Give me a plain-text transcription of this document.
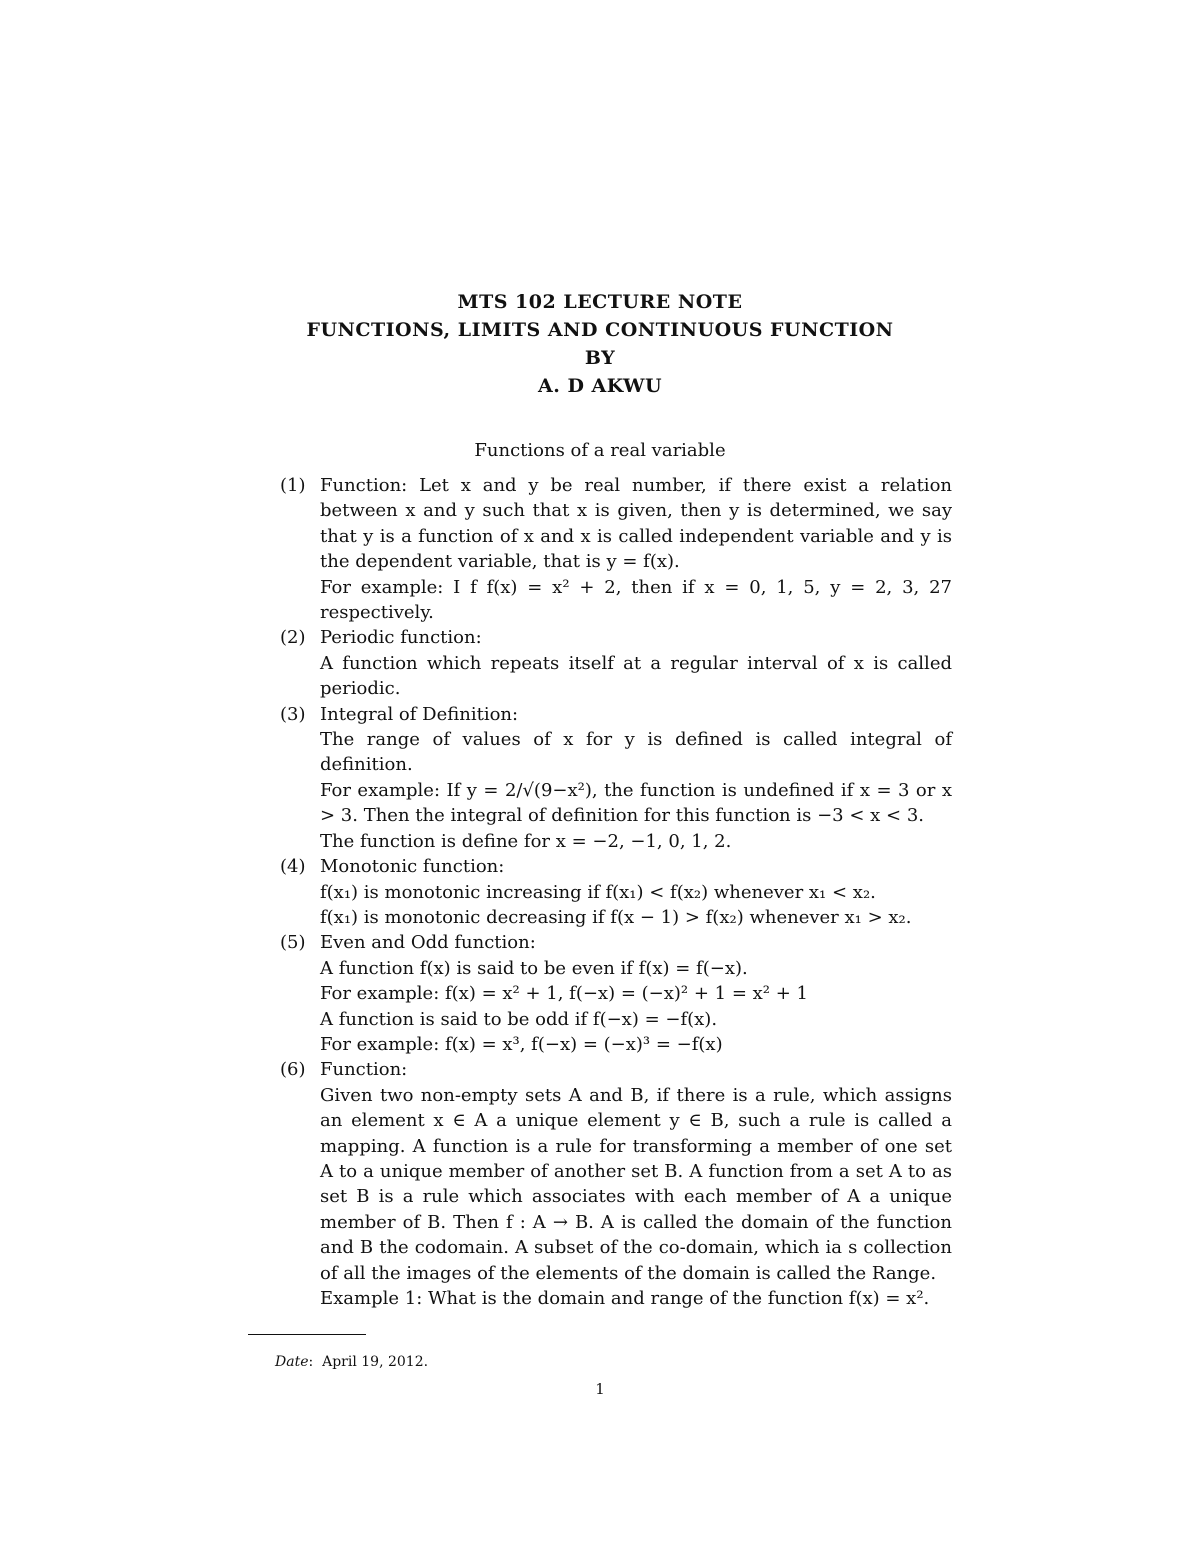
MTS 102 LECTURE NOTE
FUNCTIONS, LIMITS AND CONTINUOUS FUNCTION
BY
A. D AKWU
Functions of a real variable
(1) Function: Let x and y be real number, if there exist a relation between x and y such that x is given, then y is determined, we say that y is a function of x and x is called independent variable and y is the dependent variable, that is y = f(x).

For example: I f f(x) = x² + 2, then if x = 0, 1, 5, y = 2, 3, 27 respectively.

(2) Periodic function:

A function which repeats itself at a regular interval of x is called periodic.

(3) Integral of Definition:

The range of values of x for y is defined is called integral of definition.

For example: If y = 2/√(9−x²), the function is undefined if x = 3 or x > 3. Then the integral of definition for this function is −3 < x < 3.

The function is define for x = −2, −1, 0, 1, 2.

(4) Monotonic function:

f(x₁) is monotonic increasing if f(x₁) < f(x₂) whenever x₁ < x₂.

f(x₁) is monotonic decreasing if f(x − 1) > f(x₂) whenever x₁ > x₂.

(5) Even and Odd function:

A function f(x) is said to be even if f(x) = f(−x).

For example: f(x) = x² + 1, f(−x) = (−x)² + 1 = x² + 1

A function is said to be odd if f(−x) = −f(x).

For example: f(x) = x³, f(−x) = (−x)³ = −f(x)

(6) Function:

Given two non-empty sets A and B, if there is a rule, which assigns an element x ∈ A a unique element y ∈ B, such a rule is called a mapping. A function is a rule for transforming a member of one set A to a unique member of another set B. A function from a set A to as set B is a rule which associates with each member of A a unique member of B. Then f : A → B. A is called the domain of the function and B the codomain. A subset of the co-domain, which ia s collection of all the images of the elements of the domain is called the Range.

Example 1: What is the domain and range of the function f(x) = x².

Date:  April 19, 2012.
1
